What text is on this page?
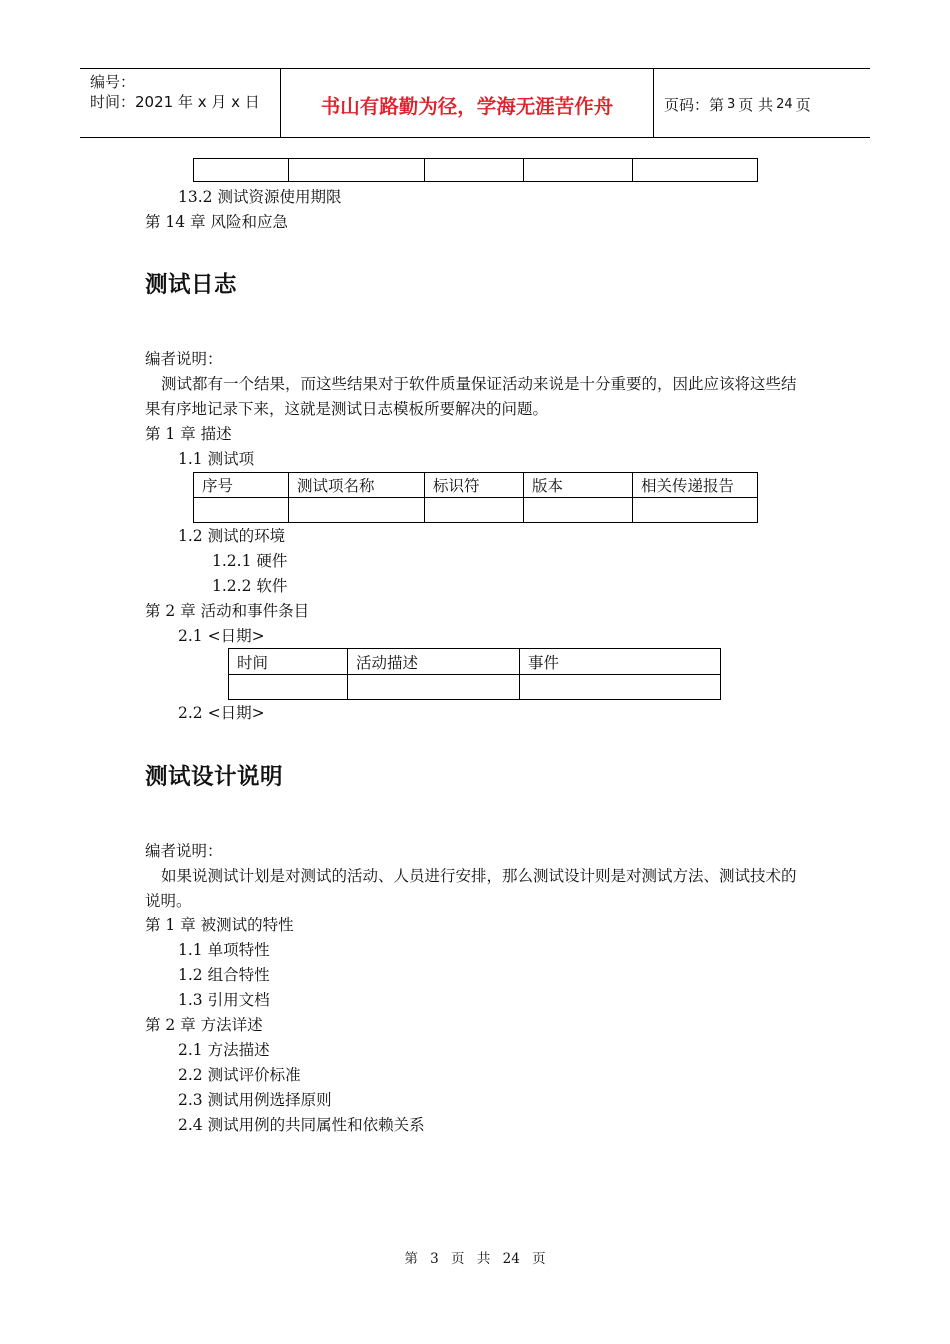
编号：
时间：2021 年 x 月 x 日	书山有路勤为径，学海无涯苦作舟	页码：第 3 页 共 24 页

13.2 测试资源使用期限
第 14 章 风险和应急
测试日志
编者说明：
测试都有一个结果，而这些结果对于软件质量保证活动来说是十分重要的，因此应该将这些结果有序地记录下来，这就是测试日志模板所要解决的问题。
第 1 章 描述
1.1 测试项
序号	测试项名称	标识符	版本	相关传递报告

1.2 测试的环境
1.2.1 硬件
1.2.2 软件
第 2 章 活动和事件条目
2.1 <日期>
时间	活动描述	事件

2.2 <日期>
测试设计说明
编者说明：
如果说测试计划是对测试的活动、人员进行安排，那么测试设计则是对测试方法、测试技术的说明。
第 1 章 被测试的特性
1.1 单项特性
1.2 组合特性
1.3 引用文档
第 2 章 方法详述
2.1 方法描述
2.2 测试评价标准
2.3 测试用例选择原则
2.4 测试用例的共同属性和依赖关系
第 3 页 共 24 页
